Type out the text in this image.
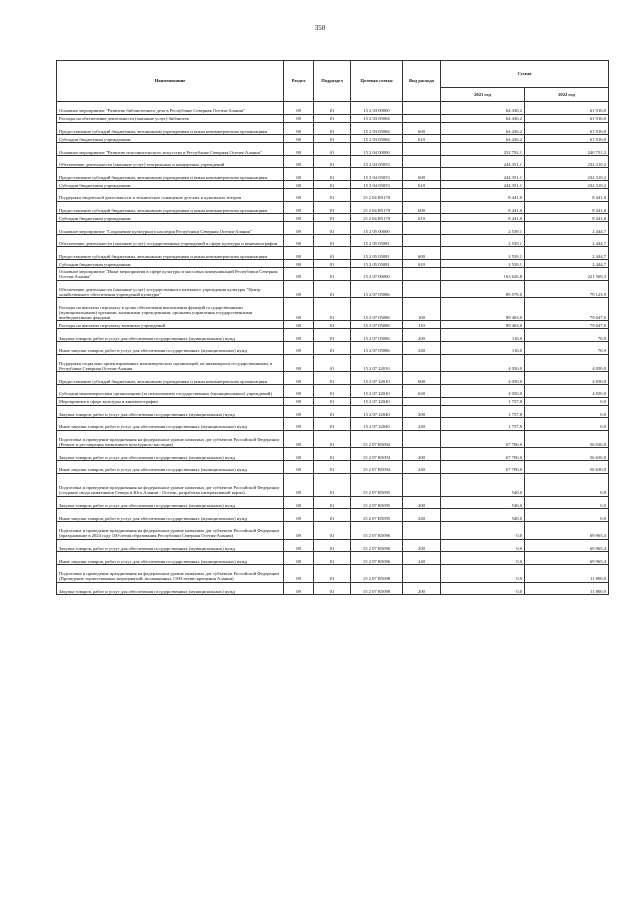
350
Наименование	Раздел	Подраздел	Целевая статья	Вид расхода	Сумма	
					2021 год	2022 год
Основное мероприятие "Развитие библиотечного дела в Республике Северная Осетия-Алания"	08	01	15 2 03 00000		64 436,2	61 916,0
Расходы на обеспечение деятельности (оказание услуг) библиотек	08	01	15 2 03 05084		64 436,2	61 916,0
Предоставление субсидий бюджетным, автономным учреждениям и иным некоммерческим организациям	08	01	15 2 03 05084	600	64 436,2	61 916,0
Субсидии бюджетным учреждениям	08	01	15 2 03 05084	610	64 436,2	61 916,0
Основное мероприятие "Развитие исполнительского искусства в Республике Северная Осетия-Алания"	08	01	15 2 04 00000		252 792,1	240 751,2
Обеспечение деятельности (оказание услуг) театральных и концертных учреждений	08	01	15 2 04 05053		244 351,1	232 310,2
Предоставление субсидий бюджетным, автономным учреждениям и иным некоммерческим организациям	08	01	15 2 04 05053	600	244 351,1	232 310,2
Субсидии бюджетным учреждениям	08	01	15 2 04 05053	610	244 351,1	232 310,2
Поддержка творческой деятельности и техническое оснащение детских и кукольных театров	08	01	15 2 04 R5170		8 441,0	8 441,0
Предоставление субсидий бюджетным, автономным учреждениям и иным некоммерческим организациям	08	01	15 2 04 R5170	600	8 441,0	8 441,0
Субсидии бюджетным учреждениям	08	01	15 2 04 R5170	610	8 441,0	8 441,0
Основное мероприятие "Сохранение культурного наследия Республики Северная Осетия-Алания"	08	01	15 2 05 00000		2 539,1	2 444,7
Обеспечение деятельности (оказание услуг) государственных учреждений в сфере культуры и кинематографии	08	01	15 2 05 05081		2 539,1	2 444,7
Предоставление субсидий бюджетным, автономным учреждениям и иным некоммерческим организациям	08	01	15 2 05 05081	600	2 539,1	2 444,7
Субсидии бюджетным учреждениям	08	01	15 2 05 05081	610	2 539,1	2 444,7
Основное мероприятие "Иные мероприятия в сфере культуры и массовых коммуникаций Республики Северная Осетия-Алания"	08	01	15 2 07 00000		163 626,8	221 569,3
Обеспечение деятельности (оказание услуг) государственного казенного учреждения культуры "Центр хозяйственного обеспечения учреждений культуры"	08	01	15 2 07 05086		89 579,0	79 123,9
Расходы на выплаты персоналу в целях обеспечения выполнения функций государственными (муниципальными) органами, казенными учреждениями, органами управления государственными внебюджетными фондами	08	01	15 2 07 05086	100	89 463,0	79 047,0
Расходы на выплаты персоналу казенных учреждений	08	01	15 2 07 05086	110	89 463,0	79 047,0
Закупка товаров, работ и услуг для обеспечения государственных (муниципальных) нужд	08	01	15 2 07 05086	200	116,0	76,9
Иные закупки товаров, работ и услуг для обеспечения государственных (муниципальных) нужд	08	01	15 2 07 05086	240	116,0	76,9
Поддержка социально ориентированных некоммерческих организаций, не являющихся государственными, в Республике Северная Осетия-Алания	08	01	15 2 07 22010		4 050,0	4 050,0
Предоставление субсидий бюджетным, автономным учреждениям и иным некоммерческим организациям	08	01	15 2 07 22010	600	4 050,0	4 050,0
Субсидии некоммерческим организациям (за исключением государственных (муниципальных) учреждений)	08	01	15 2 07 22010	630	4 050,0	4 050,0
Мероприятия в сфере культуры и кинематографии	08	01	15 2 07 22040		1 757,8	0,0
Закупка товаров, работ и услуг для обеспечения государственных (муниципальных) нужд	08	01	15 2 07 22040	200	1 757,8	0,0
Иные закупки товаров, работ и услуг для обеспечения государственных (муниципальных) нужд	08	01	15 2 07 22040	240	1 757,8	0,0
Подготовка и проведение празднования на федеральном уровне памятных дат субъектов Российской Федерации (Ремонт и реставрация памятников культурного наследия)	08	01	15 2 07 R5094		67 700,0	56 630,0
Закупка товаров, работ и услуг для обеспечения государственных (муниципальных) нужд	08	01	15 2 07 R5094	200	67 700,0	56 630,0
Иные закупки товаров, работ и услуг для обеспечения государственных (муниципальных) нужд	08	01	15 2 07 R5094	240	67 700,0	56 630,0
Подготовка и проведение празднования на федеральном уровне памятных дат субъектов Российской Федерации (создание свода памятников Севера и Юга Алании - Осетии, разработка интерактивной карты)	08	01	15 2 07 R5095		540,0	0,0
Закупка товаров, работ и услуг для обеспечения государственных (муниципальных) нужд	08	01	15 2 07 R5095	200	540,0	0,0
Иные закупки товаров, работ и услуг для обеспечения государственных (муниципальных) нужд	08	01	15 2 07 R5095	240	540,0	0,0
Подготовка и проведение празднования на федеральном уровне памятных дат субъектов Российской Федерации (празднование в 2024 году 100-летия образования Республики Северная Осетия-Алания)	08	01	15 2 07 R5096		0,0	69 965,4
Закупка товаров, работ и услуг для обеспечения государственных (муниципальных) нужд	08	01	15 2 07 R5096	200	0,0	69 965,4
Иные закупки товаров, работ и услуг для обеспечения государственных (муниципальных) нужд	08	01	15 2 07 R5096	240	0,0	69 965,4
Подготовка и проведение празднования на федеральном уровне памятных дат субъектов Российской Федерации (Проведение торжественных мероприятий, посвященных 1100-летию крещения Алании)	08	01	15 2 07 R5098		0,0	11 800,0
Закупка товаров, работ и услуг для обеспечения государственных (муниципальных) нужд	08	01	15 2 07 R5098	200	0,0	11 800,0
